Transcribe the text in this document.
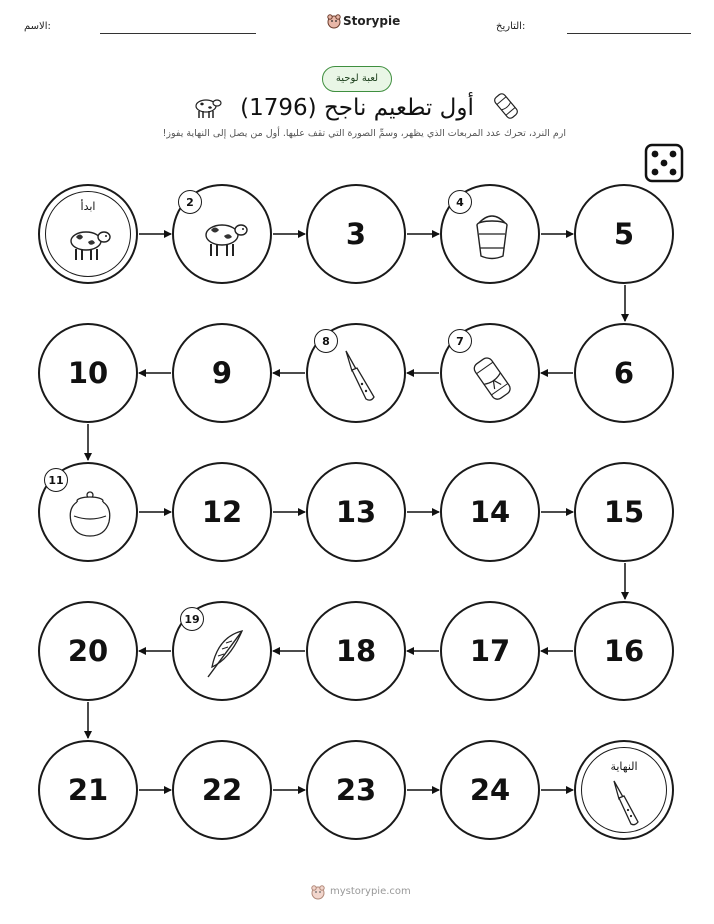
الاسم:	Storypie	التاريخ:
لعبة لوحية
أول تطعيم ناجح (1796)
ارم النرد، تحرك عدد المربعات الذي يظهر، وسمِّ الصورة التي تقف عليها. أول من يصل إلى النهاية يفوز!
ابدأ	2
3
4
5
10	9
8	7
6
11
12	13	14	15
20
19
18	17	16
21	22	23	24
النهاية
mystorypie.com
